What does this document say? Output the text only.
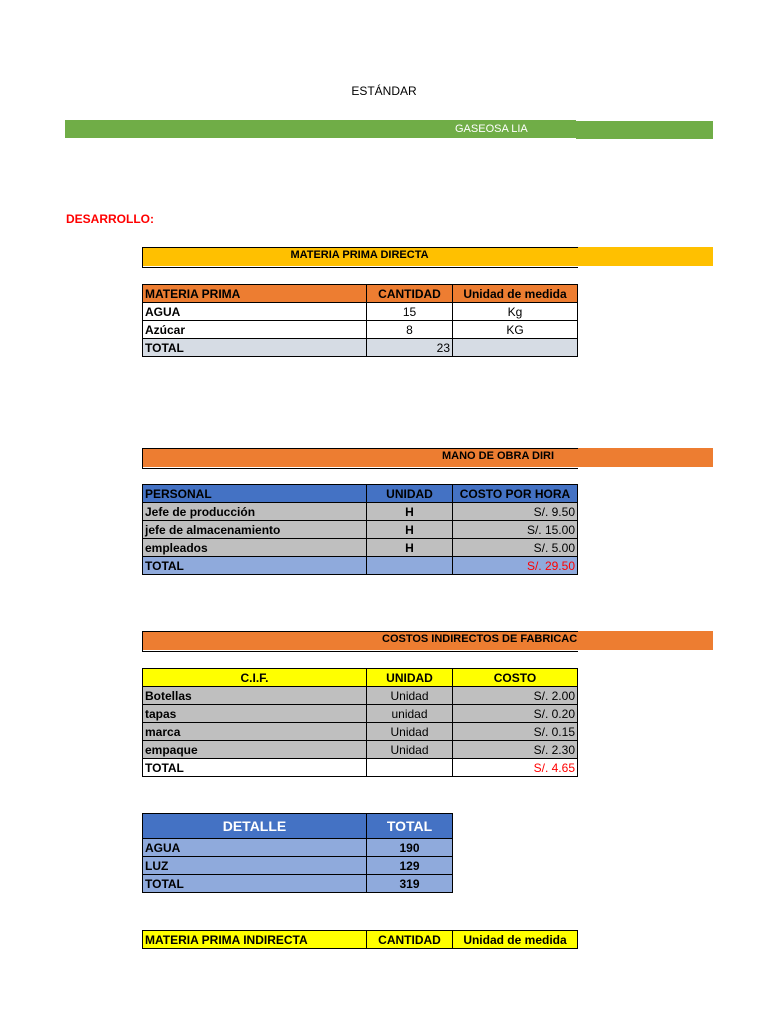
ESTÁNDAR
GASEOSA LIA
DESARROLLO:
MATERIA PRIMA DIRECTA
MATERIA PRIMA	CANTIDAD	Unidad de medida
AGUA	15	Kg
Azúcar	8	KG
TOTAL	23	
MANO DE OBRA DIRI
PERSONAL	UNIDAD	COSTO POR HORA
Jefe de producción	H	S/. 9.50
jefe de almacenamiento	H	S/. 15.00
empleados	H	S/. 5.00
TOTAL		S/. 29.50
COSTOS INDIRECTOS DE FABRICAC
C.I.F.	UNIDAD	COSTO
Botellas	Unidad	S/. 2.00
tapas	unidad	S/. 0.20
marca	Unidad	S/. 0.15
empaque	Unidad	S/. 2.30
TOTAL		S/. 4.65
DETALLE	TOTAL
AGUA	190
LUZ	129
TOTAL	319
MATERIA PRIMA INDIRECTA	CANTIDAD	Unidad de medida
